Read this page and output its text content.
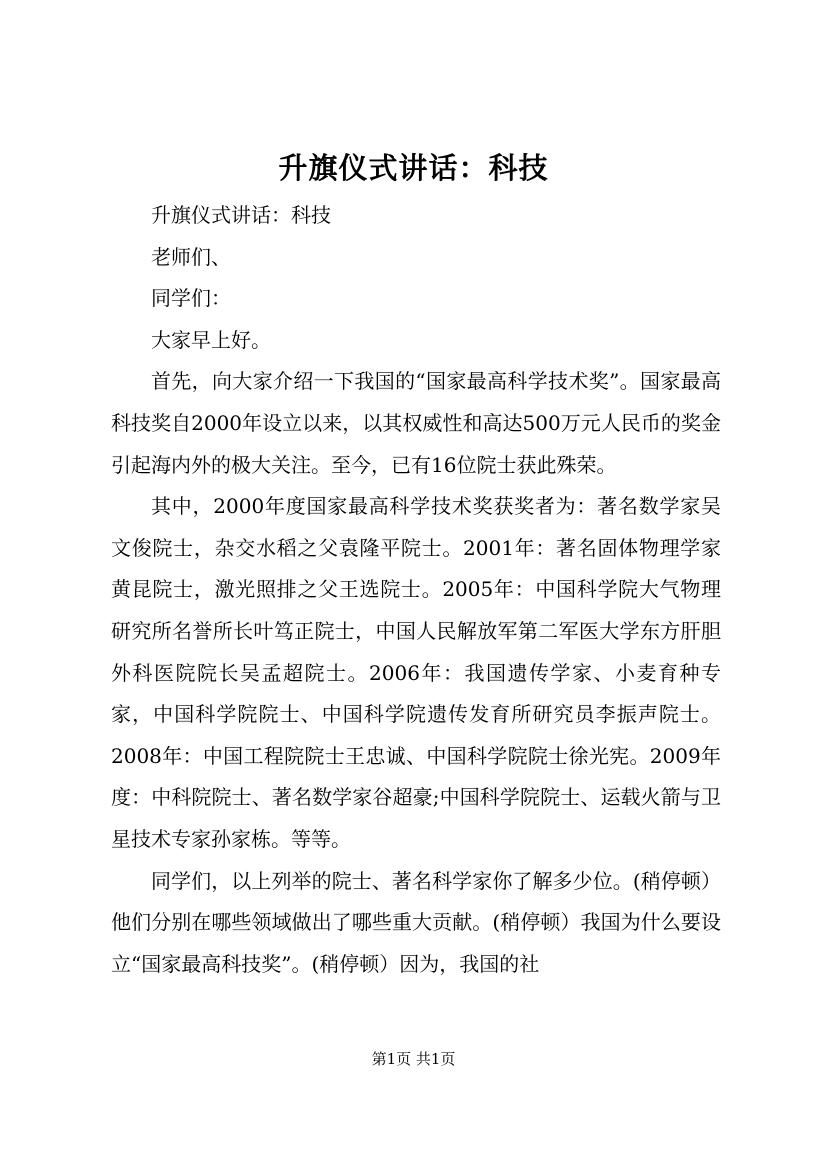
升旗仪式讲话：科技

升旗仪式讲话：科技

老师们、

同学们：

大家早上好。

首先，向大家介绍一下我国的“国家最高科学技术奖”。国家最高科技奖自2000年设立以来，以其权威性和高达500万元人民币的奖金引起海内外的极大关注。至今，已有16位院士获此殊荣。

其中，2000年度国家最高科学技术奖获奖者为：著名数学家吴文俊院士，杂交水稻之父袁隆平院士。2001年：著名固体物理学家黄昆院士，激光照排之父王选院士。2005年：中国科学院大气物理研究所名誉所长叶笃正院士，中国人民解放军第二军医大学东方肝胆外科医院院长吴孟超院士。2006年：我国遗传学家、小麦育种专家，中国科学院院士、中国科学院遗传发育所研究员李振声院士。2008年：中国工程院院士王忠诚、中国科学院院士徐光宪。2009年度：中科院院士、著名数学家谷超豪;中国科学院院士、运载火箭与卫星技术专家孙家栋。等等。

同学们，以上列举的院士、著名科学家你了解多少位。(稍停顿）他们分别在哪些领域做出了哪些重大贡献。(稍停顿）我国为什么要设立“国家最高科技奖”。(稍停顿）因为，我国的社

第1页 共1页
